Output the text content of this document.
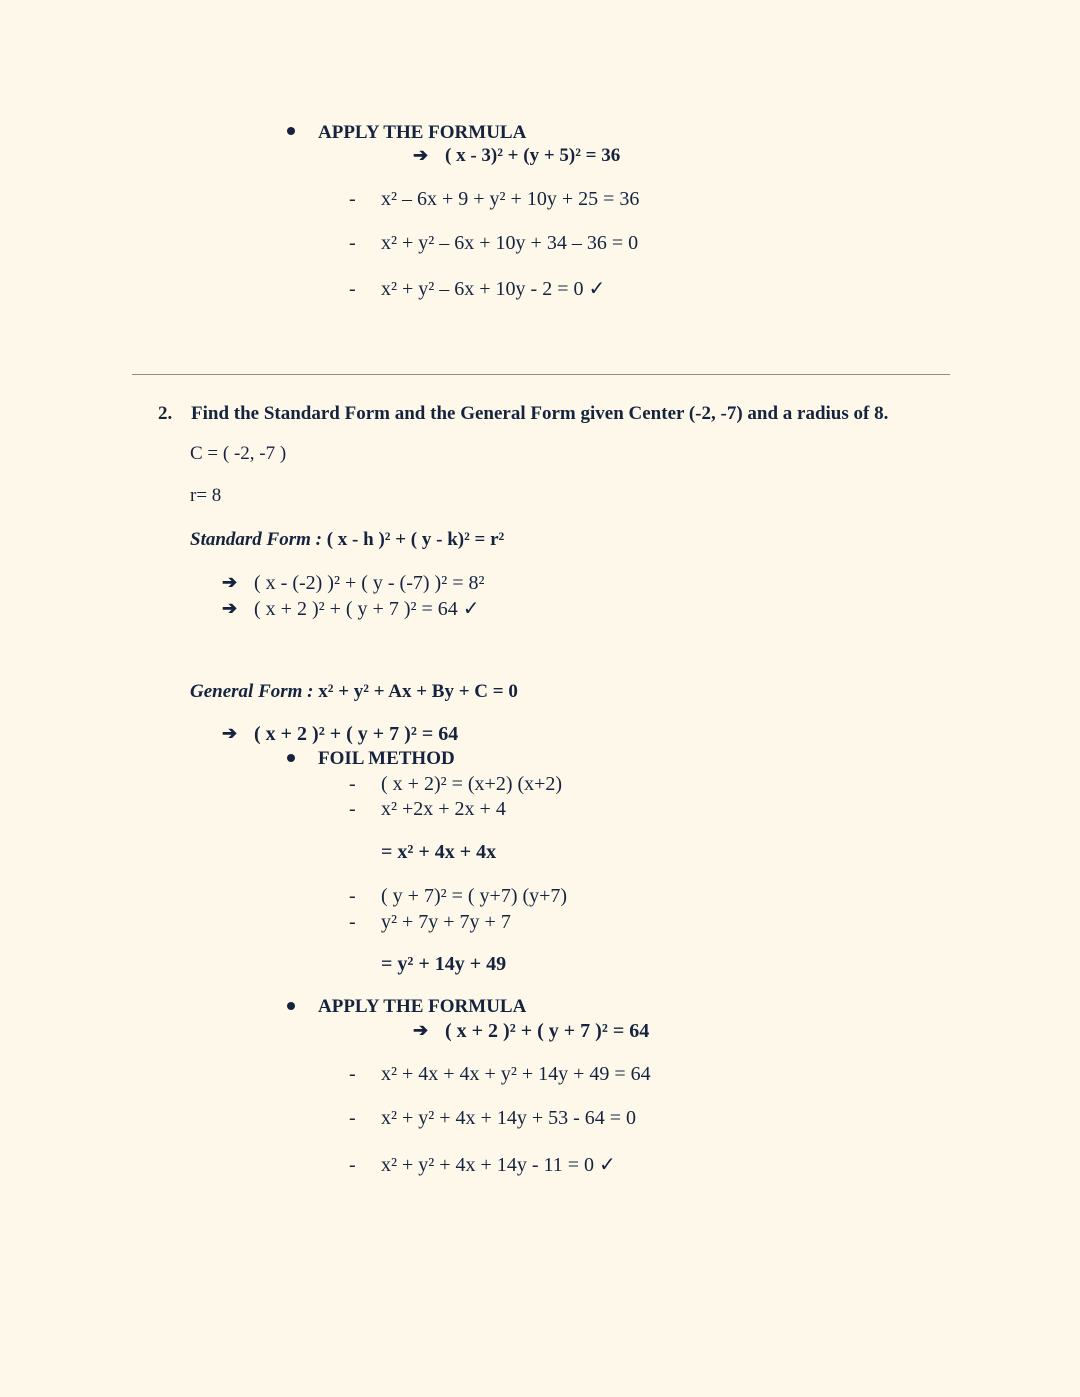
APPLY THE FORMULA
➔ ( x - 3)² + (y + 5)² = 36
- x² – 6x + 9 + y² + 10y + 25 = 36
- x² + y² – 6x + 10y + 34 – 36 = 0
- x² + y² – 6x + 10y - 2 = 0 ✓
2. Find the Standard Form and the General Form given Center (-2, -7) and a radius of 8.
C = ( -2, -7 )
r= 8
Standard Form : ( x - h )² + ( y - k)² = r²
➔ ( x - (-2) )² + ( y - (-7) )² = 8²
➔ ( x + 2 )² + ( y + 7 )² = 64 ✓
General Form : x² + y² + Ax + By + C = 0
➔ ( x + 2 )² + ( y + 7 )² = 64
FOIL METHOD
- ( x + 2)² = (x+2) (x+2)
- x² +2x + 2x + 4
= x² + 4x + 4x
- ( y + 7)² = ( y+7) (y+7)
- y² + 7y + 7y + 7
= y² + 14y + 49
APPLY THE FORMULA
➔ ( x + 2 )² + ( y + 7 )² = 64
- x² + 4x + 4x + y² + 14y + 49 = 64
- x² + y² + 4x + 14y + 53 - 64 = 0
- x² + y² + 4x + 14y - 11 = 0 ✓
